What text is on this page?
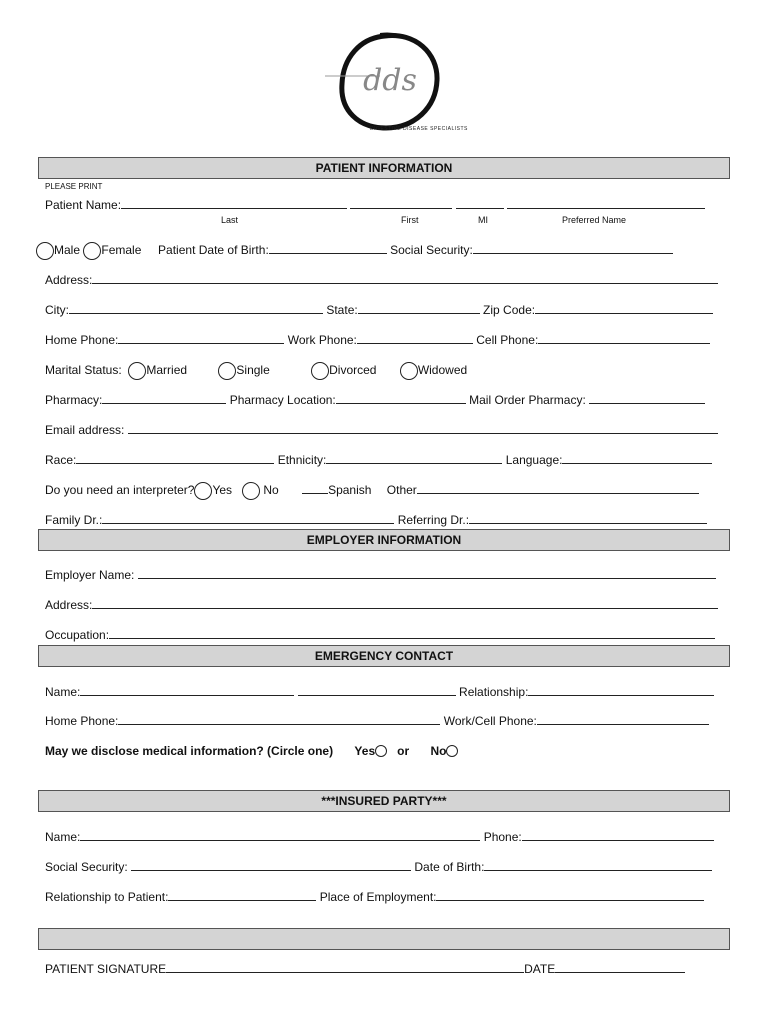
dds
DIGESTIVE DISEASE SPECIALISTS
PATIENT INFORMATION
PLEASE PRINT
Patient Name:
Last	First	MI	Preferred Name
Male Female Patient Date of Birth:	Social Security:
Address:
City:	State:	Zip Code:
Home Phone:	Work Phone:	Cell Phone:
Marital Status: Married	Single	Divorced	Widowed
Pharmacy:	Pharmacy Location:	Mail Order Pharmacy:
Email address:
Race:	Ethnicity:	Language:
Do you need an interpreter? Yes	No	Spanish Other
Family Dr.:	Referring Dr.:
EMPLOYER INFORMATION
Employer Name:
Address:
Occupation:
EMERGENCY CONTACT
Name:	Relationship:
Home Phone:	Work/Cell Phone:
May we disclose medical information? (Circle one) Yes or No
***INSURED PARTY***
Name:	Phone:
Social Security:	Date of Birth:
Relationship to Patient:	Place of Employment:
PATIENT SIGNATURE	DATE
